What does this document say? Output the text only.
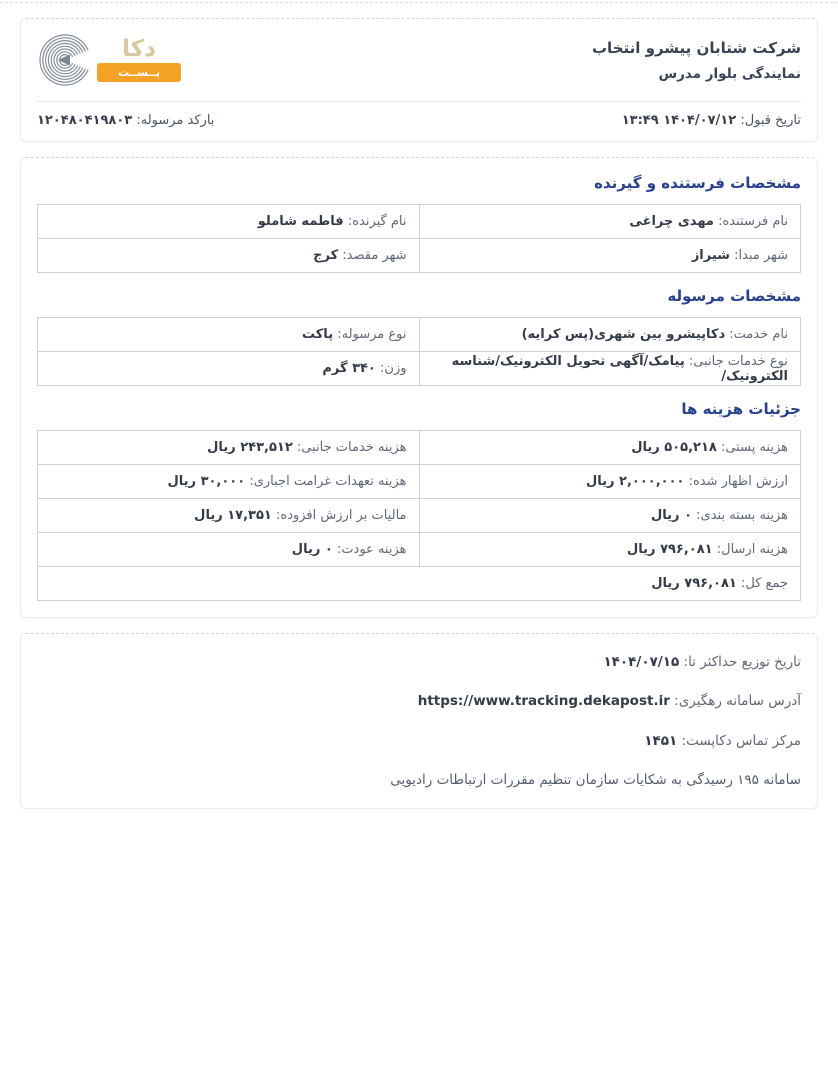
شرکت شتابان پیشرو انتخاب
نمایندگی بلوار مدرس
دکا
پــســت
تاریخ قبول: ۱۴۰۴/۰۷/۱۲ ۱۳:۴۹
بارکد مرسوله: ۱۲۰۴۸۰۴۱۹۸۰۳
مشخصات فرستنده و گیرنده
نام فرستنده: مهدی چراغی	نام گیرنده: فاطمه شاملو
شهر مبدا: شیراز	شهر مقصد: کرج
مشخصات مرسوله
نام خدمت: دکاپیشرو بین شهری(پس کرایه)	نوع مرسوله: پاکت
نوع خدمات جانبی: پیامک/آگهی تحویل الکترونیک/شناسه الکترونیک/	وزن: ۳۴۰ گرم
جزئیات هزینه ها
هزینه پستی: ۵۰۵,۲۱۸ ریال	هزینه خدمات جانبی: ۲۴۳,۵۱۲ ریال
ارزش اظهار شده: ۲,۰۰۰,۰۰۰ ریال	هزینه تعهدات غرامت اجباری: ۳۰,۰۰۰ ریال
هزینه بسته بندی: ۰ ریال	مالیات بر ارزش افزوده: ۱۷,۳۵۱ ریال
هزینه ارسال: ۷۹۶,۰۸۱ ریال	هزینه عودت: ۰ ریال
جمع کل: ۷۹۶,۰۸۱ ریال	
تاریخ توزیع حداکثر تا: ۱۴۰۴/۰۷/۱۵
آدرس سامانه رهگیری: https://www.tracking.dekapost.ir
مرکز تماس دکاپست: ۱۴۵۱
سامانه ۱۹۵ رسیدگی به شکایات سازمان تنظیم مقررات ارتباطات رادیویی
